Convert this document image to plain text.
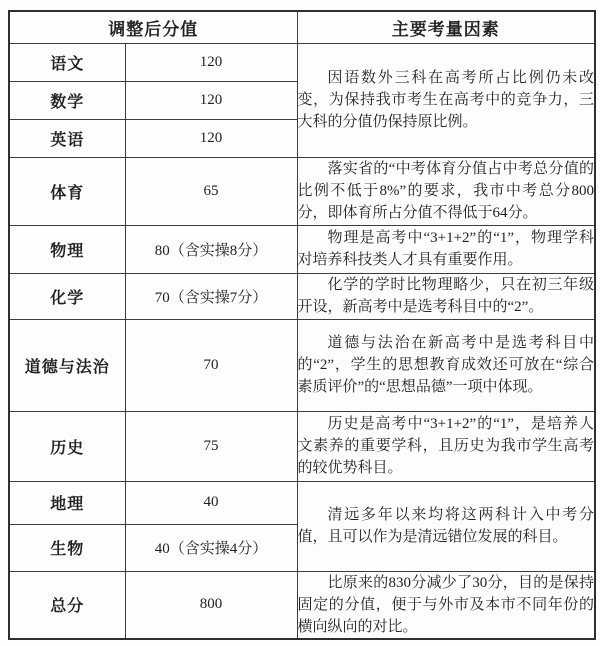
调整后分值		主要考量因素
语文	120	因语数外三科在高考所占比例仍未改变，为保持我市考生在高考中的竞争力，三大科的分值仍保持原比例。
数学	120	
英语	120	
体育	65	落实省的“中考体育分值占中考总分值的比例不低于8%”的要求，我市中考总分800分，即体育所占分值不得低于64分。
物理	80（含实操8分）	物理是高考中“3+1+2”的“1”，物理学科对培养科技类人才具有重要作用。
化学	70（含实操7分）	化学的学时比物理略少，只在初三年级开设，新高考中是选考科目中的“2”。
道德与法治	70	道德与法治在新高考中是选考科目中的“2”，学生的思想教育成效还可放在“综合素质评价”的“思想品德”一项中体现。
历史	75	历史是高考中“3+1+2”的“1”，是培养人文素养的重要学科，且历史为我市学生高考的较优势科目。
地理	40	清远多年以来均将这两科计入中考分值，且可以作为是清远错位发展的科目。
生物	40（含实操4分）	
总分	800	比原来的830分减少了30分，目的是保持固定的分值，便于与外市及本市不同年份的横向纵向的对比。
